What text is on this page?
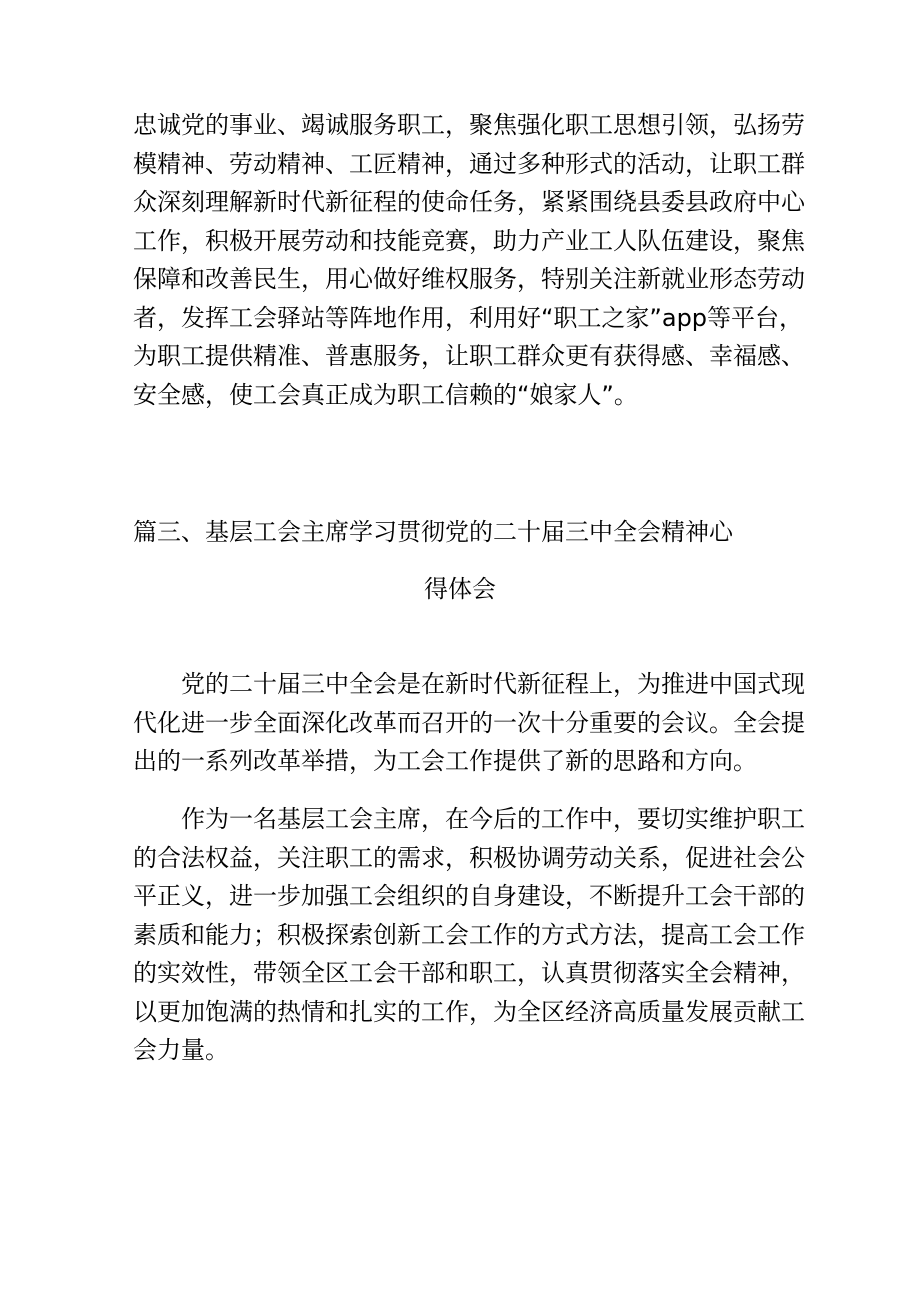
忠诚党的事业、竭诚服务职工，聚焦强化职工思想引领，弘扬劳
模精神、劳动精神、工匠精神，通过多种形式的活动，让职工群
众深刻理解新时代新征程的使命任务，紧紧围绕县委县政府中心
工作，积极开展劳动和技能竞赛，助力产业工人队伍建设，聚焦
保障和改善民生，用心做好维权服务，特别关注新就业形态劳动
者，发挥工会驿站等阵地作用，利用好“职工之家”app等平台，
为职工提供精准、普惠服务，让职工群众更有获得感、幸福感、
安全感，使工会真正成为职工信赖的“娘家人”。
篇三、基层工会主席学习贯彻党的二十届三中全会精神心
得体会
　　党的二十届三中全会是在新时代新征程上，为推进中国式现
代化进一步全面深化改革而召开的一次十分重要的会议。全会提
出的一系列改革举措，为工会工作提供了新的思路和方向。
　　作为一名基层工会主席，在今后的工作中，要切实维护职工
的合法权益，关注职工的需求，积极协调劳动关系，促进社会公
平正义，进一步加强工会组织的自身建设，不断提升工会干部的
素质和能力；积极探索创新工会工作的方式方法，提高工会工作
的实效性，带领全区工会干部和职工，认真贯彻落实全会精神，
以更加饱满的热情和扎实的工作，为全区经济高质量发展贡献工
会力量。
